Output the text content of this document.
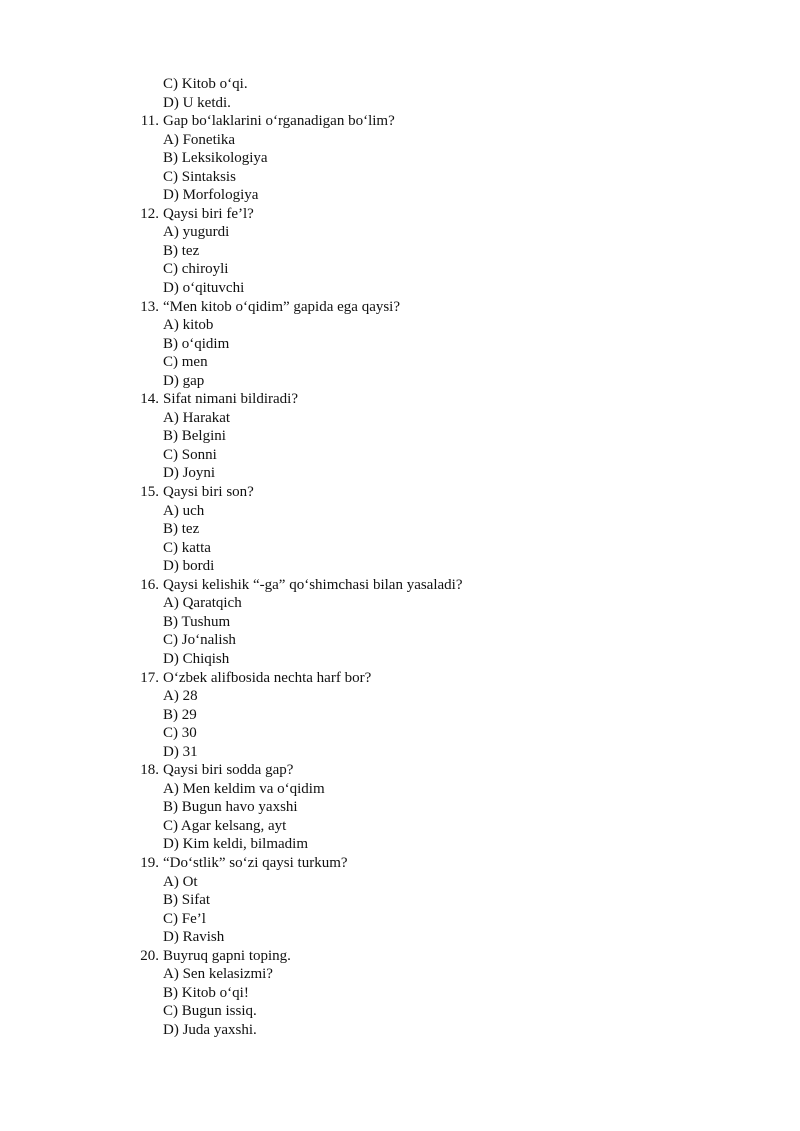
C) Kitob o‘qi.
D) U ketdi.
11. Gap bo‘laklarini o‘rganadigan bo‘lim?
A) Fonetika
B) Leksikologiya
C) Sintaksis
D) Morfologiya
12. Qaysi biri fe’l?
A) yugurdi
B) tez
C) chiroyli
D) o‘qituvchi
13. “Men kitob o‘qidim” gapida ega qaysi?
A) kitob
B) o‘qidim
C) men
D) gap
14. Sifat nimani bildiradi?
A) Harakat
B) Belgini
C) Sonni
D) Joyni
15. Qaysi biri son?
A) uch
B) tez
C) katta
D) bordi
16. Qaysi kelishik “-ga” qo‘shimchasi bilan yasaladi?
A) Qaratqich
B) Tushum
C) Jo‘nalish
D) Chiqish
17. O‘zbek alifbosida nechta harf bor?
A) 28
B) 29
C) 30
D) 31
18. Qaysi biri sodda gap?
A) Men keldim va o‘qidim
B) Bugun havo yaxshi
C) Agar kelsang, ayt
D) Kim keldi, bilmadim
19. “Do‘stlik” so‘zi qaysi turkum?
A) Ot
B) Sifat
C) Fe’l
D) Ravish
20. Buyruq gapni toping.
A) Sen kelasizmi?
B) Kitob o‘qi!
C) Bugun issiq.
D) Juda yaxshi.
